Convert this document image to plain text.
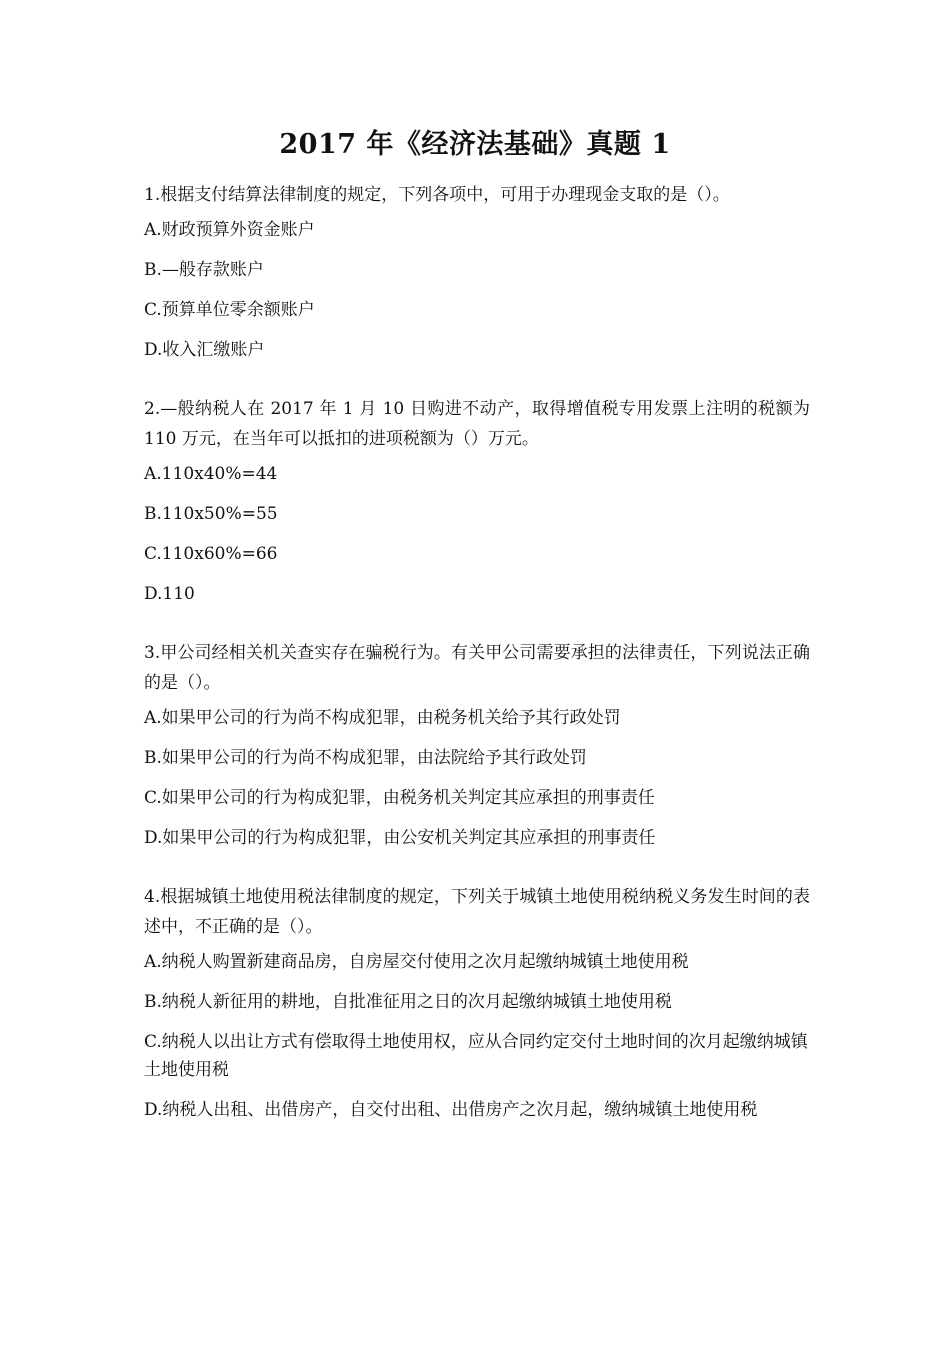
2017 年《经济法基础》真题 1

1.根据支付结算法律制度的规定，下列各项中，可用于办理现金支取的是（）。

A.财政预算外资金账户

B.—般存款账户

C.预算单位零余额账户

D.收入汇缴账户

2.—般纳税人在 2017 年 1 月 10 日购进不动产，取得增值税专用发票上注明的税额为 110 万元，在当年可以抵扣的进项税额为（）万元。

A.110x40%=44

B.110x50%=55

C.110x60%=66

D.110

3.甲公司经相关机关查实存在骗税行为。有关甲公司需要承担的法律责任，下列说法正确的是（）。

A.如果甲公司的行为尚不构成犯罪，由税务机关给予其行政处罚

B.如果甲公司的行为尚不构成犯罪，由法院给予其行政处罚

C.如果甲公司的行为构成犯罪，由税务机关判定其应承担的刑事责任

D.如果甲公司的行为构成犯罪，由公安机关判定其应承担的刑事责任

4.根据城镇土地使用税法律制度的规定，下列关于城镇土地使用税纳税义务发生时间的表述中，不正确的是（）。

A.纳税人购置新建商品房，自房屋交付使用之次月起缴纳城镇土地使用税

B.纳税人新征用的耕地，自批准征用之日的次月起缴纳城镇土地使用税

C.纳税人以出让方式有偿取得土地使用权，应从合同约定交付土地时间的次月起缴纳城镇土地使用税

D.纳税人出租、出借房产，自交付出租、出借房产之次月起，缴纳城镇土地使用税
